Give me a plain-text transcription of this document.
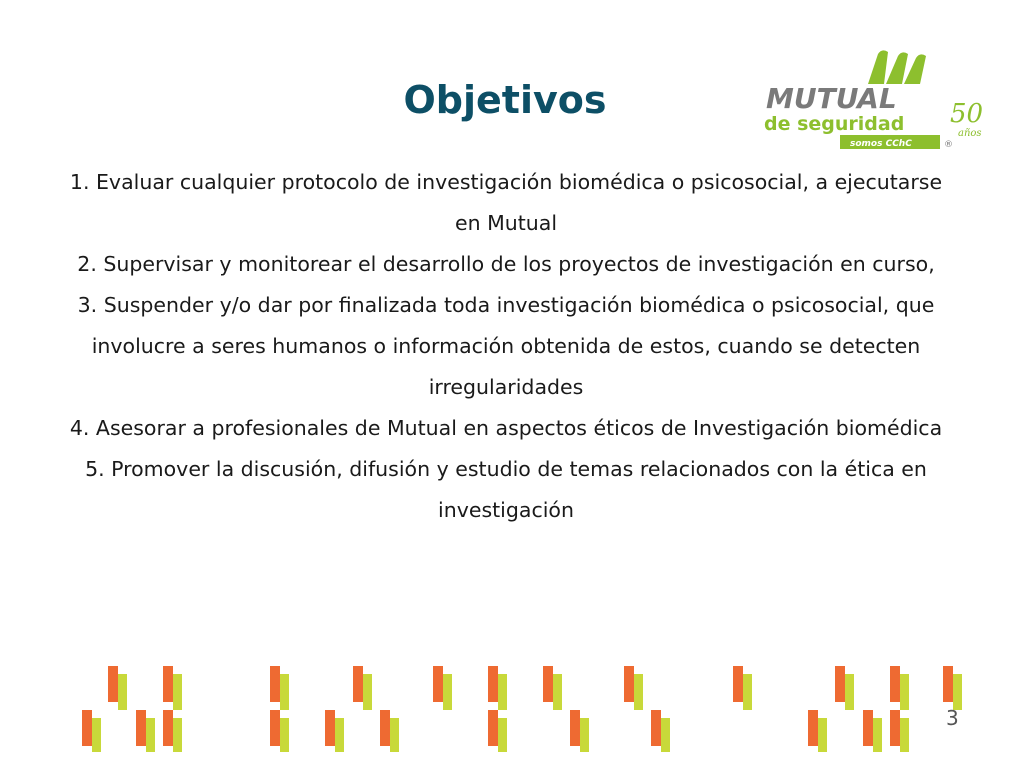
Objetivos	MUTUAL
de seguridad
somos CChC	®
50
años
1. Evaluar cualquier protocolo de investigación biomédica o psicosocial, a ejecutarse en Mutual
2. Supervisar y monitorear el desarrollo de los proyectos de investigación en curso,
3. Suspender y/o dar por finalizada toda investigación biomédica o psicosocial, que involucre a seres humanos o información obtenida de estos, cuando se detecten irregularidades
4. Asesorar a profesionales de Mutual en aspectos éticos de Investigación biomédica
5. Promover la discusión, difusión y estudio de temas relacionados con la ética en investigación
3
